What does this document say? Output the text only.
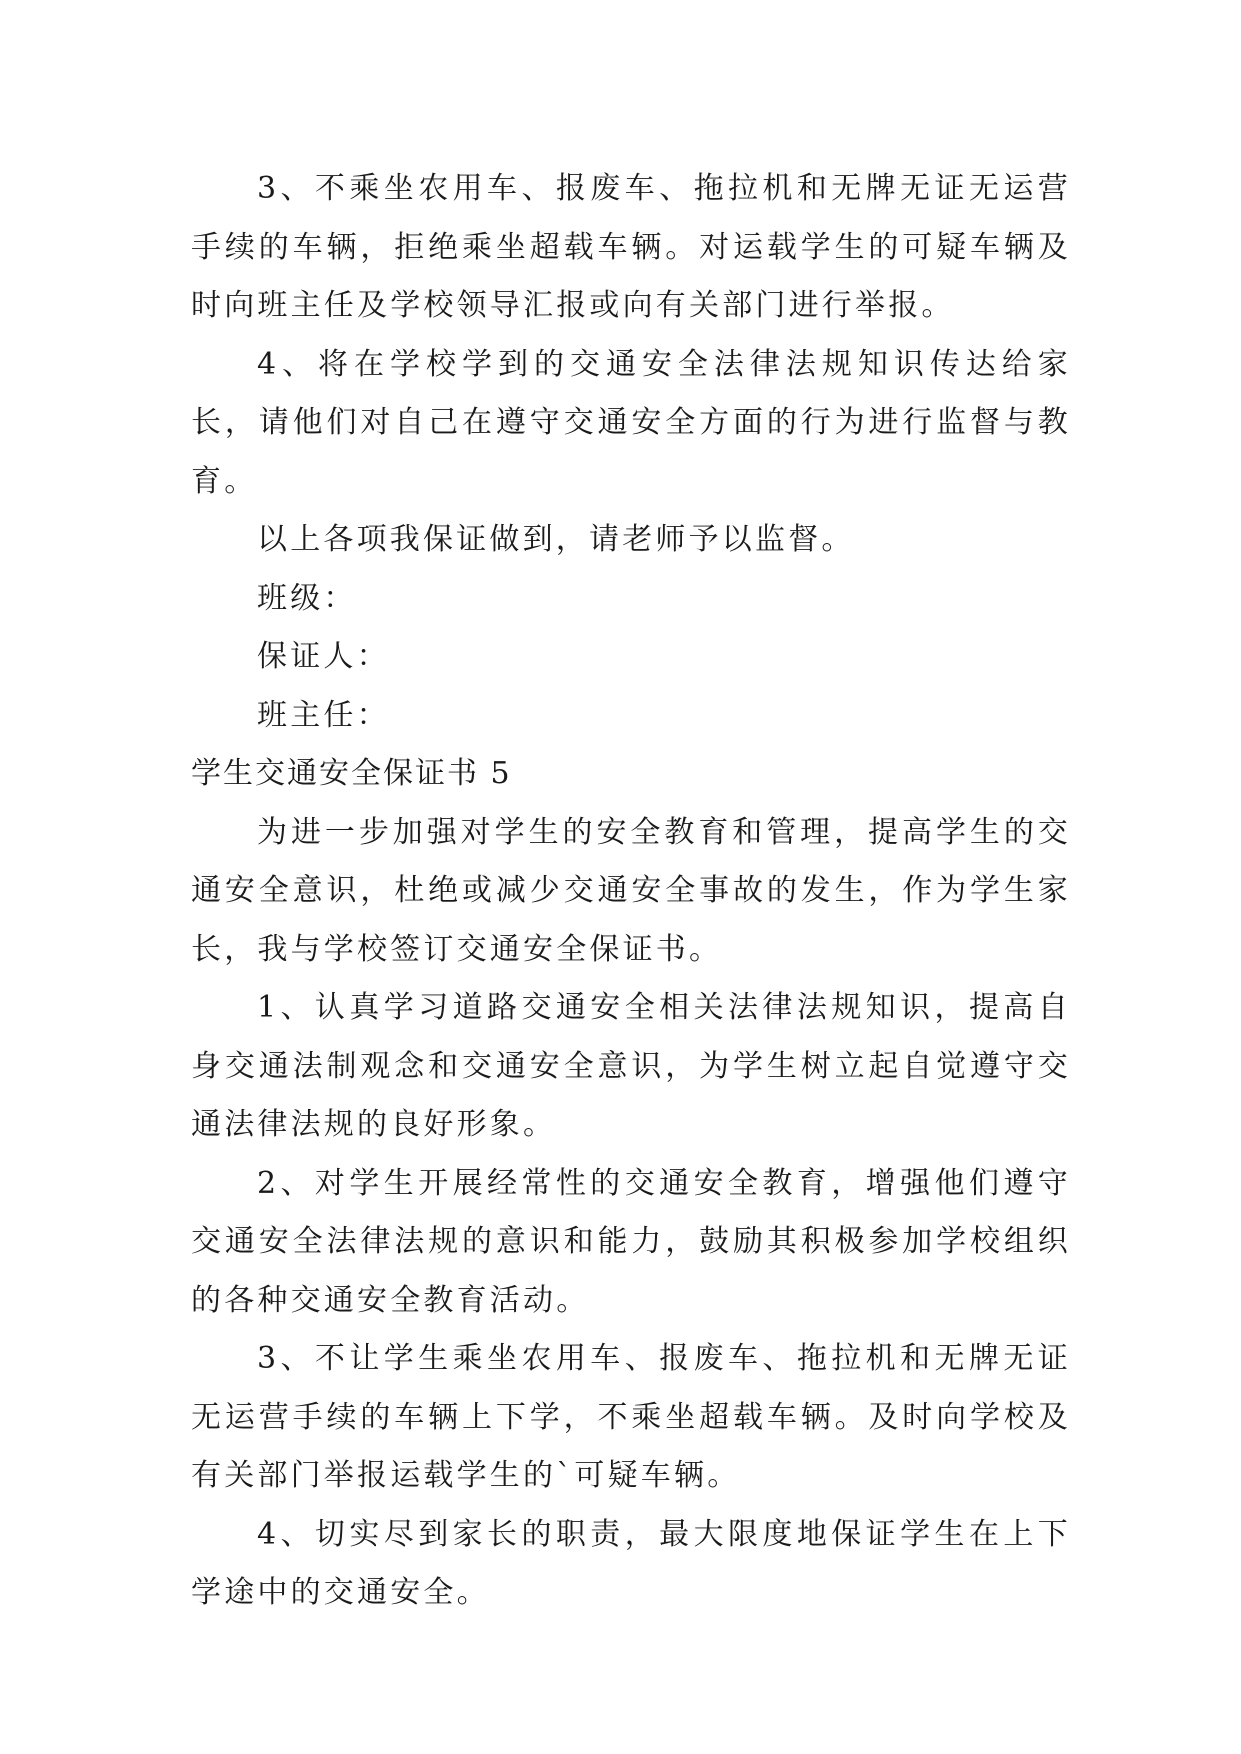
3、不乘坐农用车、报废车、拖拉机和无牌无证无运营手续的车辆，拒绝乘坐超载车辆。对运载学生的可疑车辆及时向班主任及学校领导汇报或向有关部门进行举报。

4、将在学校学到的交通安全法律法规知识传达给家长，请他们对自己在遵守交通安全方面的行为进行监督与教育。

以上各项我保证做到，请老师予以监督。

班级：

保证人：

班主任：

学生交通安全保证书 5

为进一步加强对学生的安全教育和管理，提高学生的交通安全意识，杜绝或减少交通安全事故的发生，作为学生家长，我与学校签订交通安全保证书。

1、认真学习道路交通安全相关法律法规知识，提高自身交通法制观念和交通安全意识，为学生树立起自觉遵守交通法律法规的良好形象。

2、对学生开展经常性的交通安全教育，增强他们遵守交通安全法律法规的意识和能力，鼓励其积极参加学校组织的各种交通安全教育活动。

3、不让学生乘坐农用车、报废车、拖拉机和无牌无证无运营手续的车辆上下学，不乘坐超载车辆。及时向学校及有关部门举报运载学生的`可疑车辆。

4、切实尽到家长的职责，最大限度地保证学生在上下学途中的交通安全。
